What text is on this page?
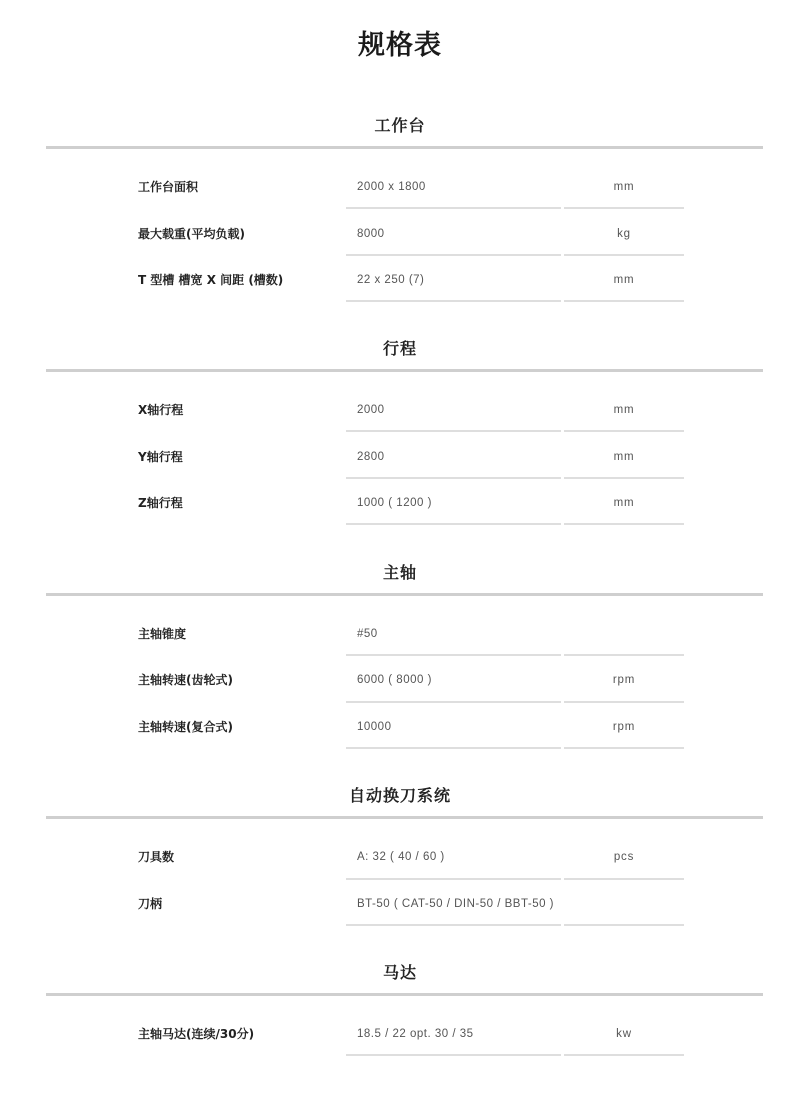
规格表
工作台
工作台面积	2000 x 1800	mm
最大载重(平均负载)	8000	kg
T 型槽 槽宽 X 间距 (槽数)	22 x 250 (7)	mm
行程
X轴行程	2000	mm
Y轴行程	2800	mm
Z轴行程	1000 ( 1200 )	mm
主轴
主轴锥度	#50
主轴转速(齿轮式)	6000 ( 8000 )	rpm
主轴转速(复合式)	10000	rpm
自动换刀系统
刀具数	A: 32 ( 40 / 60 )	pcs
刀柄	BT-50 ( CAT-50 / DIN-50 / BBT-50 )
马达
主轴马达(连续/30分)	18.5 / 22 opt. 30 / 35	kw
